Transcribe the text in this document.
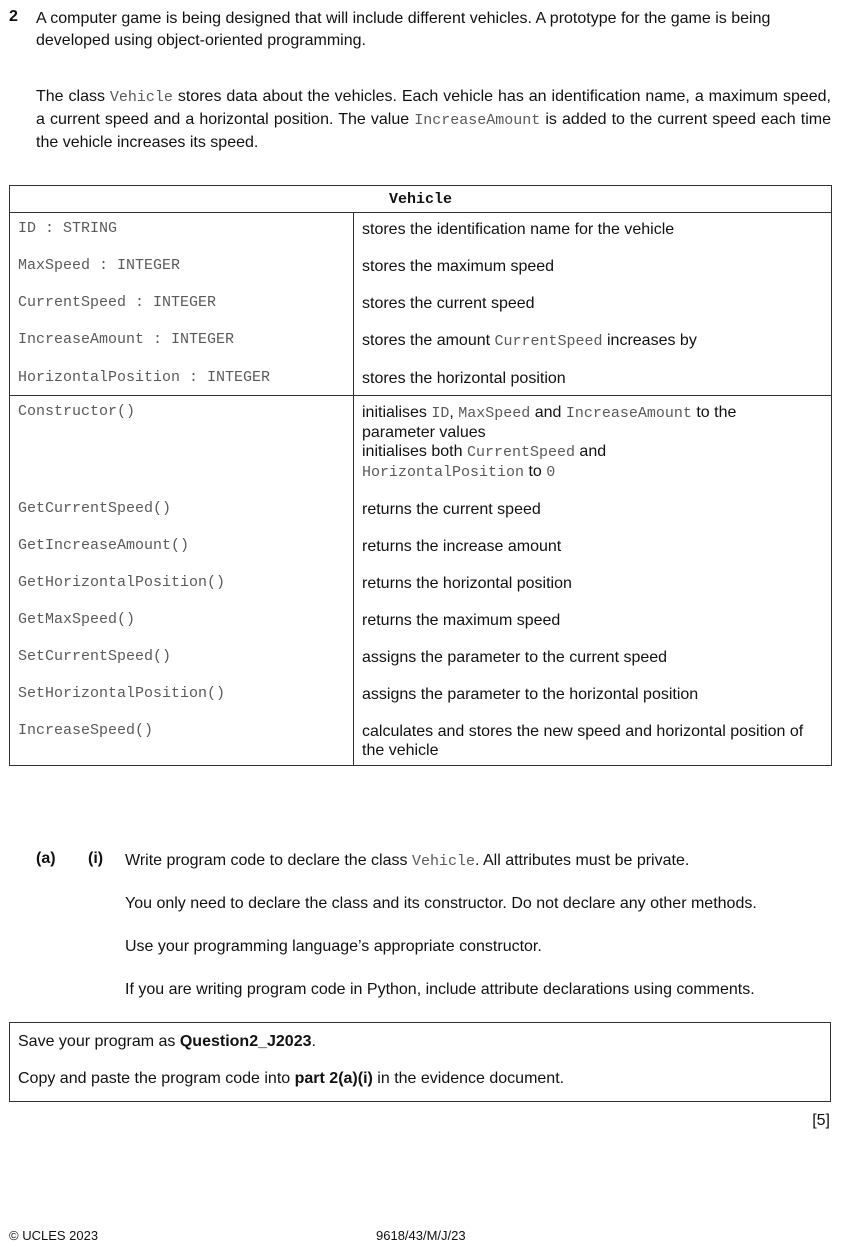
2 A computer game is being designed that will include different vehicles. A prototype for the game is being developed using object-oriented programming.
The class Vehicle stores data about the vehicles. Each vehicle has an identification name, a maximum speed, a current speed and a horizontal position. The value IncreaseAmount is added to the current speed each time the vehicle increases its speed.
Vehicle	

ID : STRING	stores the identification name for the vehicle

MaxSpeed : INTEGER	stores the maximum speed

CurrentSpeed : INTEGER	stores the current speed

IncreaseAmount : INTEGER	stores the amount CurrentSpeed increases by

HorizontalPosition : INTEGER	stores the horizontal position

Constructor()	initialises ID, MaxSpeed and IncreaseAmount to the
parameter values
initialises both CurrentSpeed and
HorizontalPosition to 0

GetCurrentSpeed()	returns the current speed

GetIncreaseAmount()	returns the increase amount

GetHorizontalPosition()	returns the horizontal position

GetMaxSpeed()	returns the maximum speed

SetCurrentSpeed()	assigns the parameter to the current speed

SetHorizontalPosition()	assigns the parameter to the horizontal position

IncreaseSpeed()	calculates and stores the new speed and horizontal position of the vehicle
(a) (i) Write program code to declare the class Vehicle. All attributes must be private.
You only need to declare the class and its constructor. Do not declare any other methods.
Use your programming language’s appropriate constructor.
If you are writing program code in Python, include attribute declarations using comments.
Save your program as Question2_J2023.
Copy and paste the program code into part 2(a)(i) in the evidence document.
[5]
© UCLES 2023	9618/43/M/J/23
